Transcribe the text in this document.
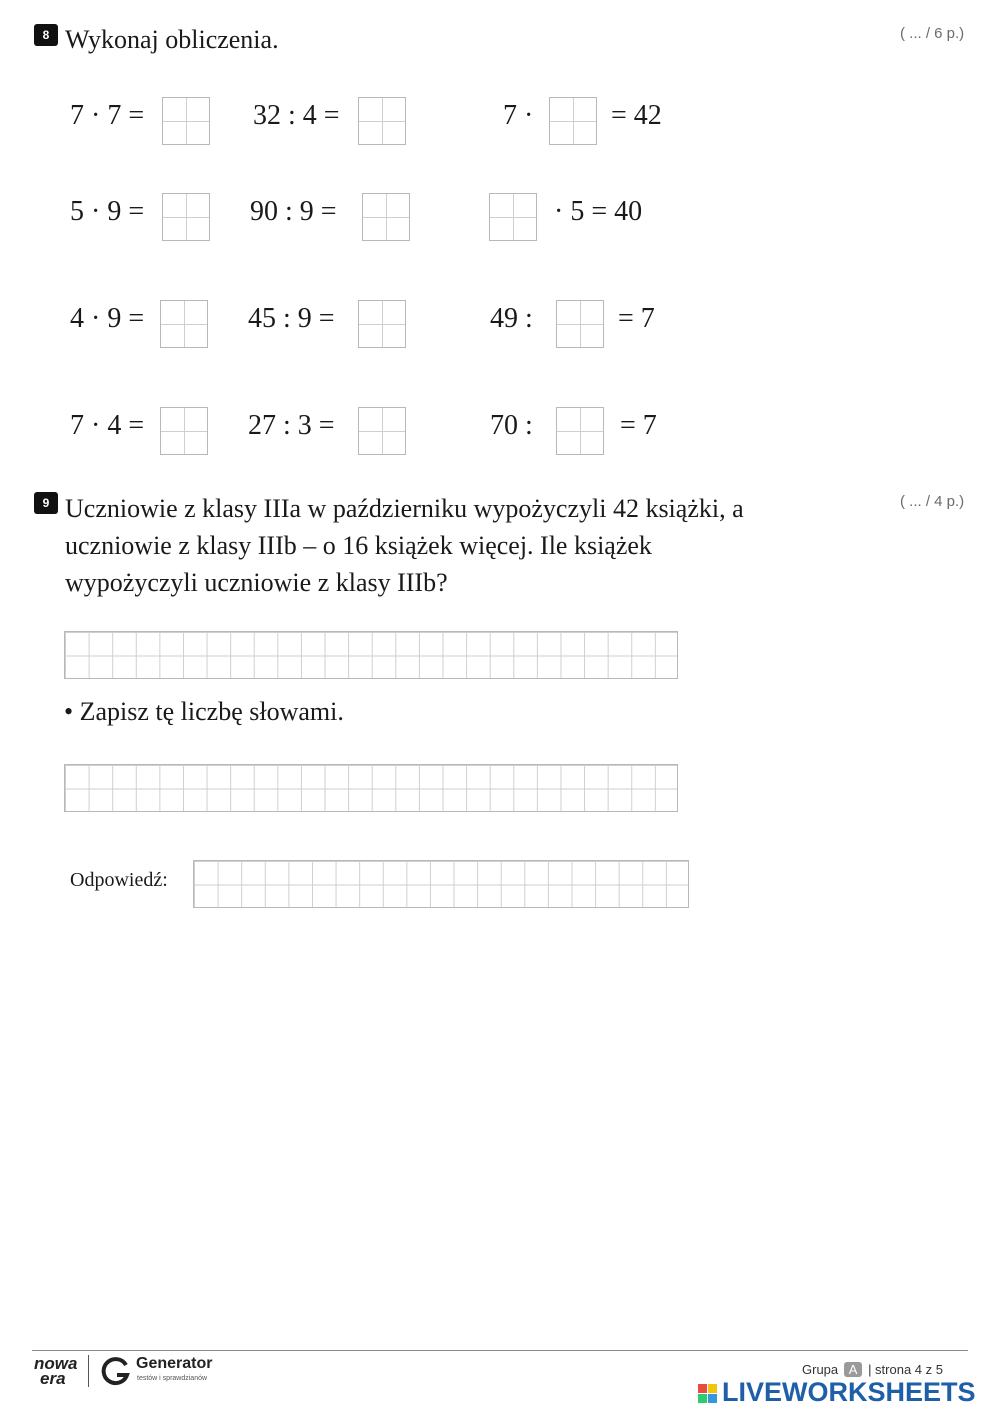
8 Wykonaj obliczenia.	( ... / 6 p.)
7 · 7 =	32 : 4 =	7 ·	= 42
5 · 9 =	90 : 9 =	· 5 = 40
4 · 9 =	45 : 9 =	49 :	= 7
7 · 4 =	27 : 3 =	70 :	= 7
9	( ... / 4 p.)
Uczniowie z klasy IIIa w październiku wypożyczyli 42 książki, a uczniowie z klasy IIIb – o 16 książek więcej. Ile książek wypożyczyli uczniowie z klasy IIIb?
• Zapisz tę liczbę słowami.
Odpowiedź:
nowa
era
Generator
testów i sprawdzianów
Grupa A | strona 4 z 5
LIVEWORKSHEETS
